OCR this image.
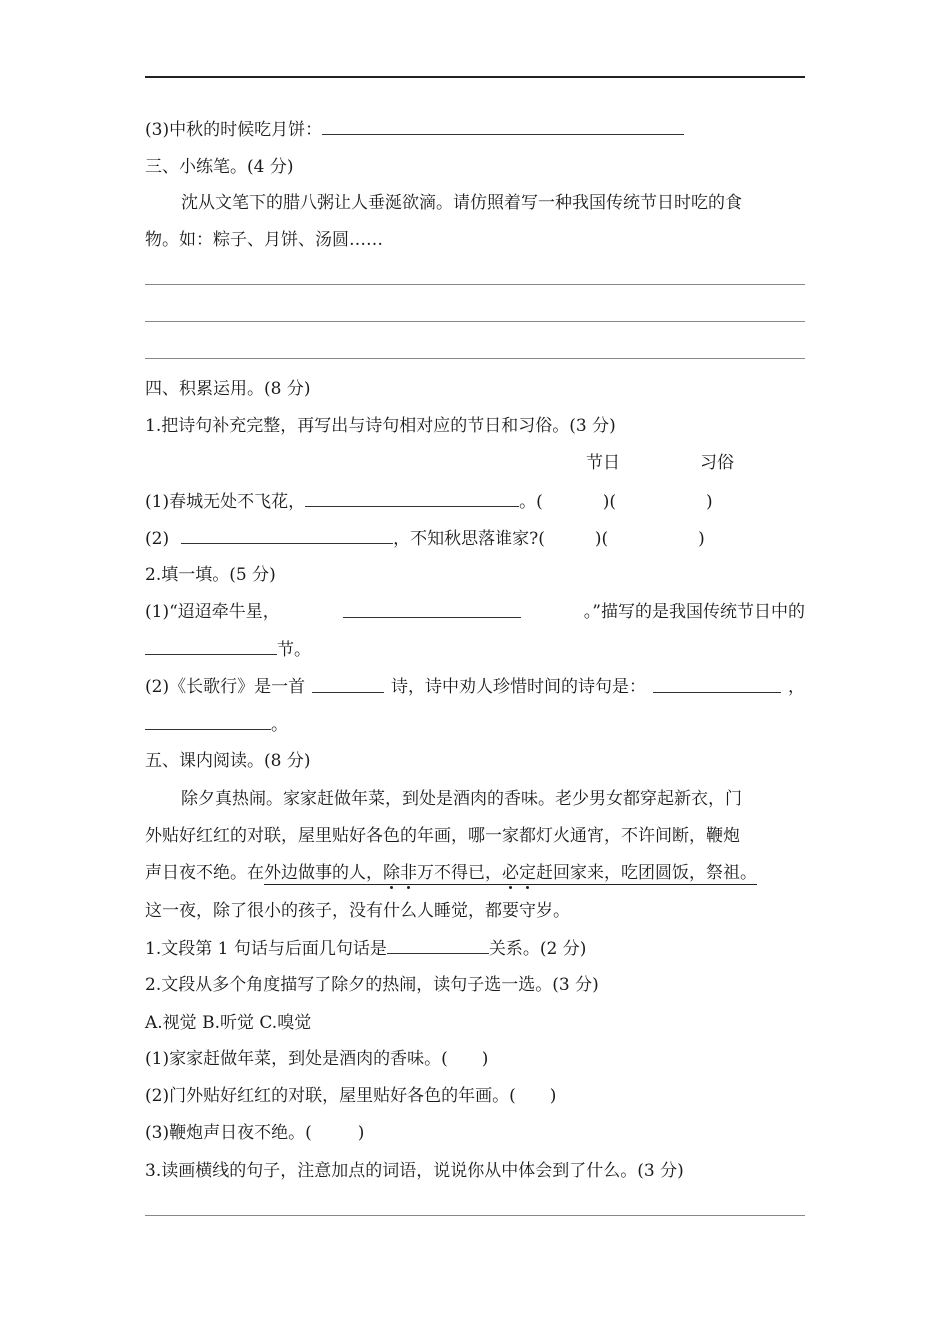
(3)中秋的时候吃月饼：
三、小练笔。(4 分)
沈从文笔下的腊八粥让人垂涎欲滴。请仿照着写一种我国传统节日时吃的食
物。如：粽子、月饼、汤圆……
四、积累运用。(8 分)
1.把诗句补充完整，再写出与诗句相对应的节日和习俗。(3 分)
节日	习俗
(1)春城无处不飞花，	。(	)(	)
(2)	，不知秋思落谁家?(	)(	)
2.填一填。(5 分)
(1)“迢迢牵牛星，	。”描写的是我国传统节日中的
节。
(2)《长歌行》是一首	诗，诗中劝人珍惜时间的诗句是：	，
。
五、课内阅读。(8 分)
除夕真热闹。家家赶做年菜，到处是酒肉的香味。老少男女都穿起新衣，门
外贴好红红的对联，屋里贴好各色的年画，哪一家都灯火通宵，不许间断，鞭炮
声日夜不绝。在外边做事的人，除非万不得已，必定赶回家来，吃团圆饭，祭祖。
这一夜，除了很小的孩子，没有什么人睡觉，都要守岁。
1.文段第 1 句话与后面几句话是	关系。(2 分)
2.文段从多个角度描写了除夕的热闹，读句子选一选。(3 分)
A.视觉 B.听觉 C.嗅觉
(1)家家赶做年菜，到处是酒肉的香味。( )
(2)门外贴好红红的对联，屋里贴好各色的年画。( )
(3)鞭炮声日夜不绝。(	)
3.读画横线的句子，注意加点的词语，说说你从中体会到了什么。(3 分)
